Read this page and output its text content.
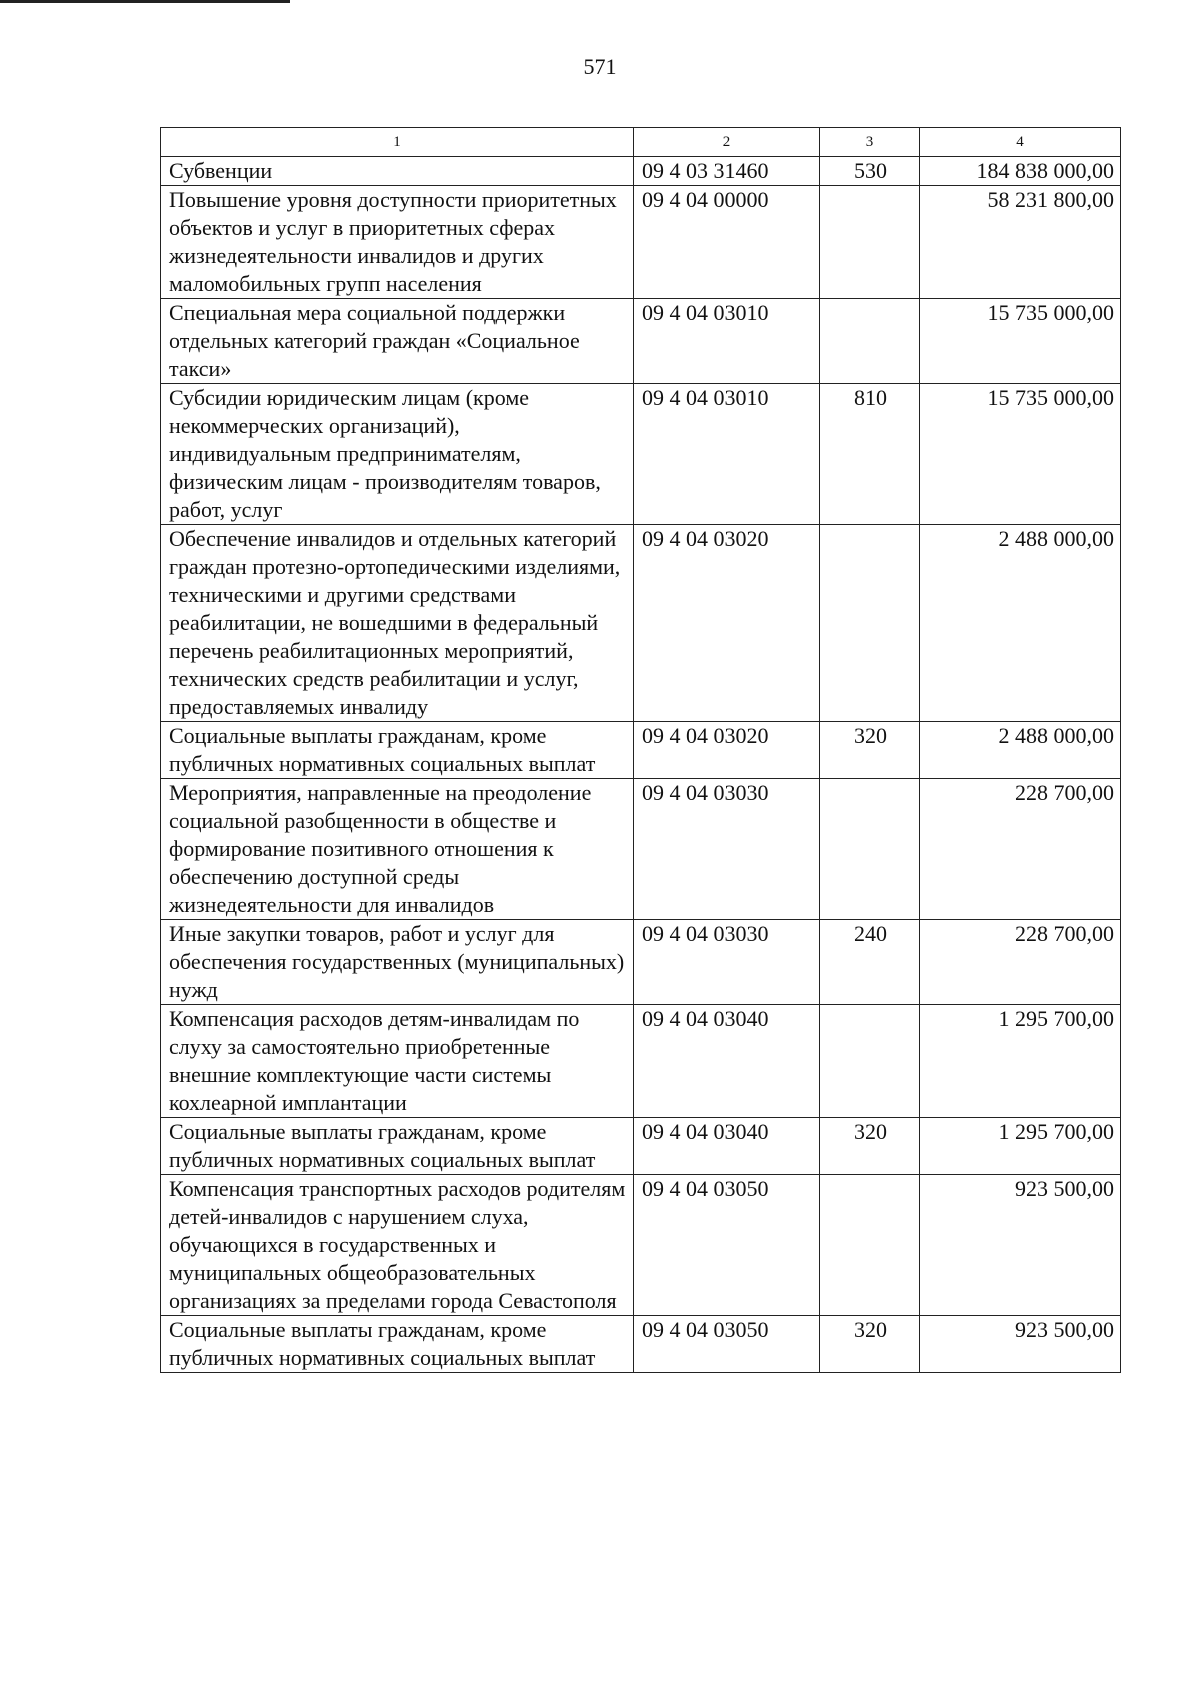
571
1	2	3	4
Субвенции	09 4 03 31460	530	184 838 000,00
Повышение уровня доступности приоритетных объектов и услуг в приоритетных сферах жизнедеятельности инвалидов и других маломобильных групп населения	09 4 04 00000		58 231 800,00
Специальная мера социальной поддержки отдельных категорий граждан «Социальное такси»	09 4 04 03010		15 735 000,00
Субсидии юридическим лицам (кроме некоммерческих организаций), индивидуальным предпринимателям, физическим лицам - производителям товаров, работ, услуг	09 4 04 03010	810	15 735 000,00
Обеспечение инвалидов и отдельных категорий граждан протезно-ортопедическими изделиями, техническими и другими средствами реабилитации, не вошедшими в федеральный перечень реабилитационных мероприятий, технических средств реабилитации и услуг, предоставляемых инвалиду	09 4 04 03020		2 488 000,00
Социальные выплаты гражданам, кроме публичных нормативных социальных выплат	09 4 04 03020	320	2 488 000,00
Мероприятия, направленные на преодоление социальной разобщенности в обществе и формирование позитивного отношения к обеспечению доступной среды жизнедеятельности для инвалидов	09 4 04 03030		228 700,00
Иные закупки товаров, работ и услуг для обеспечения государственных (муниципальных) нужд	09 4 04 03030	240	228 700,00
Компенсация расходов детям-инвалидам по слуху за самостоятельно приобретенные внешние комплектующие части системы кохлеарной имплантации	09 4 04 03040		1 295 700,00
Социальные выплаты гражданам, кроме публичных нормативных социальных выплат	09 4 04 03040	320	1 295 700,00
Компенсация транспортных расходов родителям детей-инвалидов с нарушением слуха, обучающихся в государственных и муниципальных общеобразовательных организациях за пределами города Севастополя	09 4 04 03050		923 500,00
Социальные выплаты гражданам, кроме публичных нормативных социальных выплат	09 4 04 03050	320	923 500,00
